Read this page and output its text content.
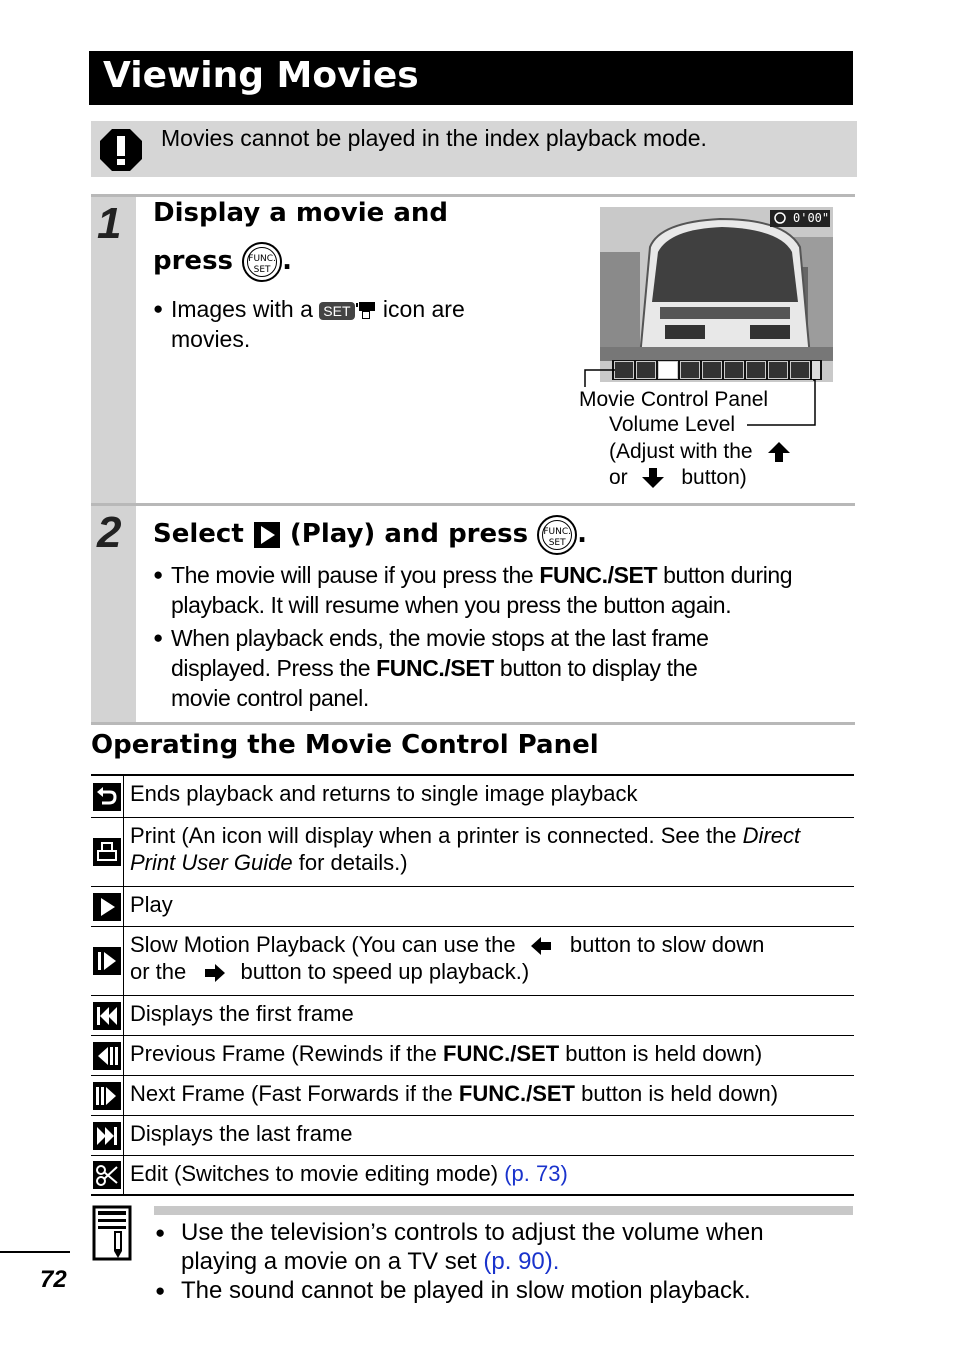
Viewing Movies
Movies cannot be played in the index playback mode.
1 Display a movie and
press FUNC.
SET .
● Images with a SET icon are
movies.
0'00"
Movie Control Panel
Volume Level
(Adjust with the
or	button)
2 Select (Play) and press FUNC.
SET .
● The movie will pause if you press the FUNC./SET button during
playback. It will resume when you press the button again.
● When playback ends, the movie stops at the last frame
displayed. Press the FUNC./SET button to display the
movie control panel.
Operating the Movie Control Panel
	Ends playback and returns to single image playback
	Print (An icon will display when a printer is connected. See the Direct
Print User Guide for details.)
	Play
	Slow Motion Playback (You can use the button to slow down
or the button to speed up playback.)
	Displays the first frame
	Previous Frame (Rewinds if the FUNC./SET button is held down)
	Next Frame (Fast Forwards if the FUNC./SET button is held down)
	Displays the last frame
	Edit (Switches to movie editing mode) (p. 73)
● Use the television’s controls to adjust the volume when
playing a movie on a TV set (p. 90).
● The sound cannot be played in slow motion playback.
72
